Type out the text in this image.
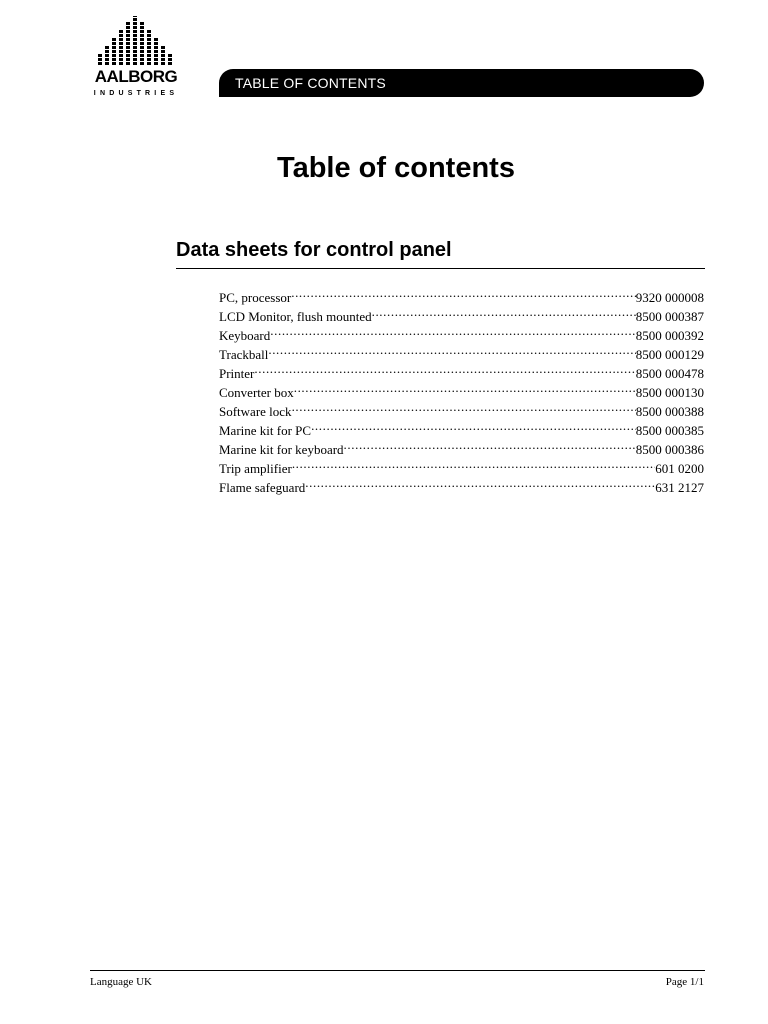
AALBORG
INDUSTRIES
TABLE OF CONTENTS
Table of contents
Data sheets for control panel
PC, processor .....	9320 000008
LCD Monitor, flush mounted .....	8500 000387
Keyboard .....	8500 000392
Trackball .....	8500 000129
Printer .....	8500 000478
Converter box .....	8500 000130
Software lock .....	8500 000388
Marine kit for PC .....	8500 000385
Marine kit for keyboard .....	8500 000386
Trip amplifier .....	601 0200
Flame safeguard .....	631 2127
Language UK	Page 1/1
